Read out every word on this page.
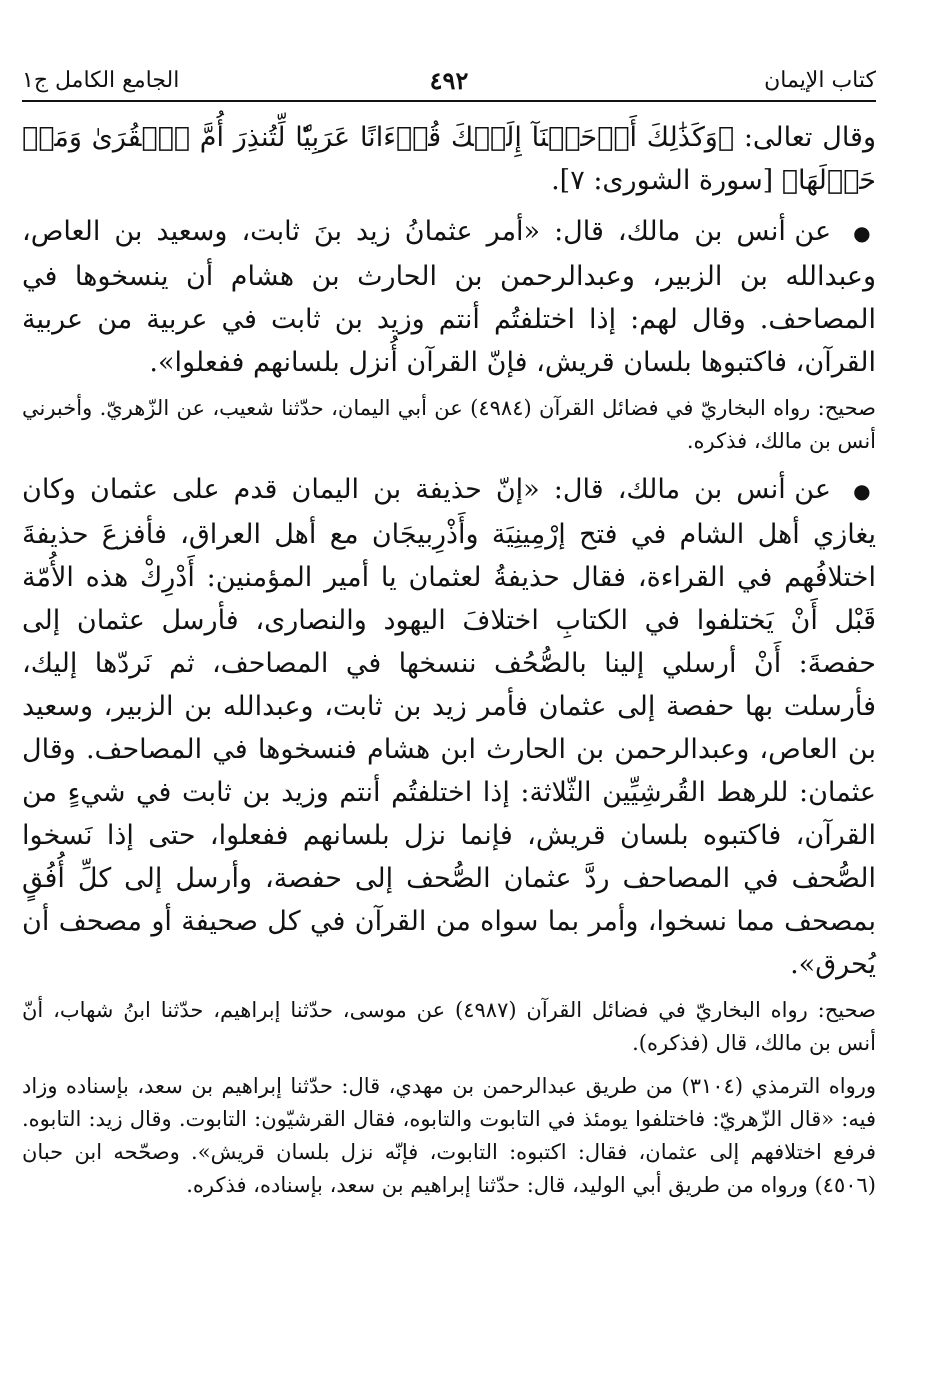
كتاب الإيمان
٤٩٢
الجامع الكامل ج١

وقال تعالى: ﴿وَكَذَٰلِكَ أَوۡحَيۡنَآ إِلَيۡكَ قُرۡءَانًا عَرَبِيّٗا لِّتُنذِرَ أُمَّ ٱلۡقُرَىٰ وَمَنۡ حَوۡلَهَا﴾ [سورة الشورى: ٧].

● عن أنس بن مالك، قال: «أمر عثمانُ زيد بنَ ثابت، وسعيد بن العاص، وعبدالله بن الزبير، وعبدالرحمن بن الحارث بن هشام أن ينسخوها في المصاحف. وقال لهم: إذا اختلفتُم أنتم وزيد بن ثابت في عربية من عربية القرآن، فاكتبوها بلسان قريش، فإنّ القرآن أُنزل بلسانهم ففعلوا».

صحيح: رواه البخاريّ في فضائل القرآن (٤٩٨٤) عن أبي اليمان، حدّثنا شعيب، عن الزّهريّ. وأخبرني أنس بن مالك، فذكره.

● عن أنس بن مالك، قال: «إنّ حذيفة بن اليمان قدم على عثمان وكان يغازي أهل الشام في فتح إرْمِينِيَة وأَذْرِبيجَان مع أهل العراق، فأفزعَ حذيفةَ اختلافُهم في القراءة، فقال حذيفةُ لعثمان يا أمير المؤمنين: أَدْرِكْ هذه الأُمّة قَبْل أَنْ يَختلفوا في الكتابِ اختلافَ اليهود والنصارى، فأرسل عثمان إلى حفصةَ: أَنْ أرسلي إلينا بالصُّحُف ننسخها في المصاحف، ثم نَردّها إليك، فأرسلت بها حفصة إلى عثمان فأمر زيد بن ثابت، وعبدالله بن الزبير، وسعيد بن العاص، وعبدالرحمن بن الحارث ابن هشام فنسخوها في المصاحف. وقال عثمان: للرهط القُرشِيِّين الثّلاثة: إذا اختلفتُم أنتم وزيد بن ثابت في شيءٍ من القرآن، فاكتبوه بلسان قريش، فإنما نزل بلسانهم ففعلوا، حتى إذا نَسخوا الصُّحف في المصاحف ردَّ عثمان الصُّحف إلى حفصة، وأرسل إلى كلِّ أُفُقٍ بمصحف مما نسخوا، وأمر بما سواه من القرآن في كل صحيفة أو مصحف أن يُحرق».

صحيح: رواه البخاريّ في فضائل القرآن (٤٩٨٧) عن موسى، حدّثنا إبراهيم، حدّثنا ابنُ شهاب، أنّ أنس بن مالك، قال (فذكره).

ورواه الترمذي (٣١٠٤) من طريق عبدالرحمن بن مهدي، قال: حدّثنا إبراهيم بن سعد، بإسناده وزاد فيه: «قال الزّهريّ: فاختلفوا يومئذ في التابوت والتابوه، فقال القرشيّون: التابوت. وقال زيد: التابوه. فرفع اختلافهم إلى عثمان، فقال: اكتبوه: التابوت، فإنّه نزل بلسان قريش». وصحّحه ابن حبان (٤٥٠٦) ورواه من طريق أبي الوليد، قال: حدّثنا إبراهيم بن سعد، بإسناده، فذكره.
